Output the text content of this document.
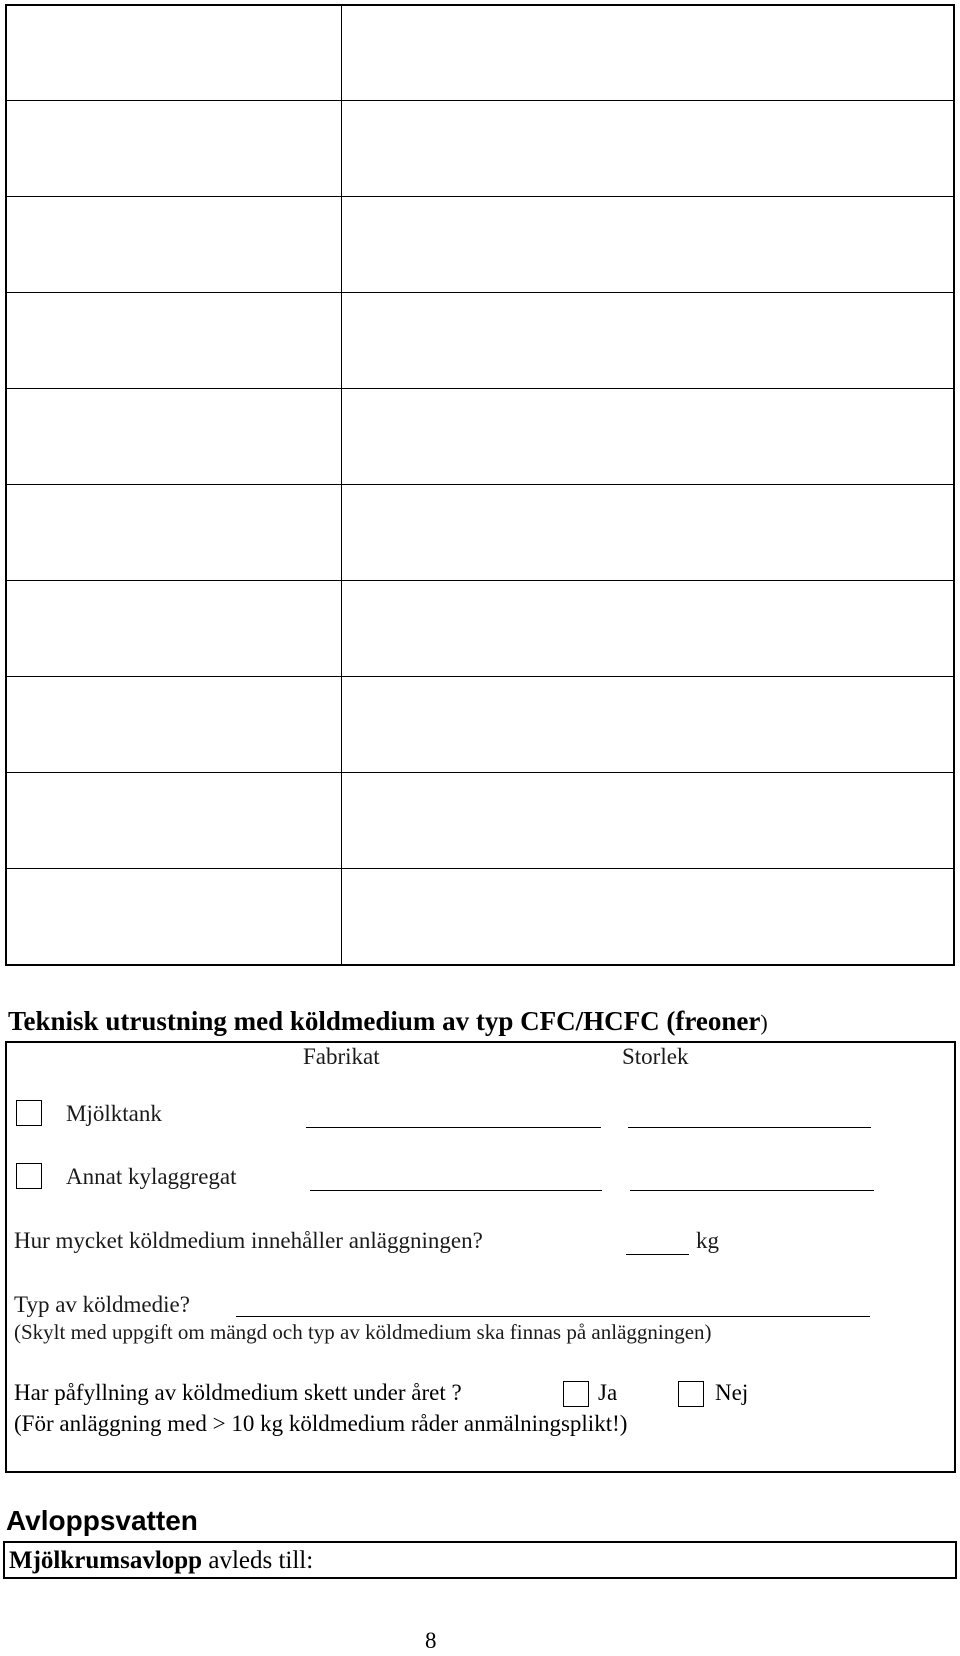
Teknisk utrustning med köldmedium av typ CFC/HCFC (freoner)
Fabrikat	Storlek
Mjölktank
Annat kylaggregat
Hur mycket köldmedium innehåller anläggningen?	kg
Typ av köldmedie?
(Skylt med uppgift om mängd och typ av köldmedium ska finnas på anläggningen)
Har påfyllning av köldmedium skett under året ?	Ja	Nej
(För anläggning med > 10 kg köldmedium råder anmälningsplikt!)
Avloppsvatten
Mjölkrumsavlopp avleds till:
8
